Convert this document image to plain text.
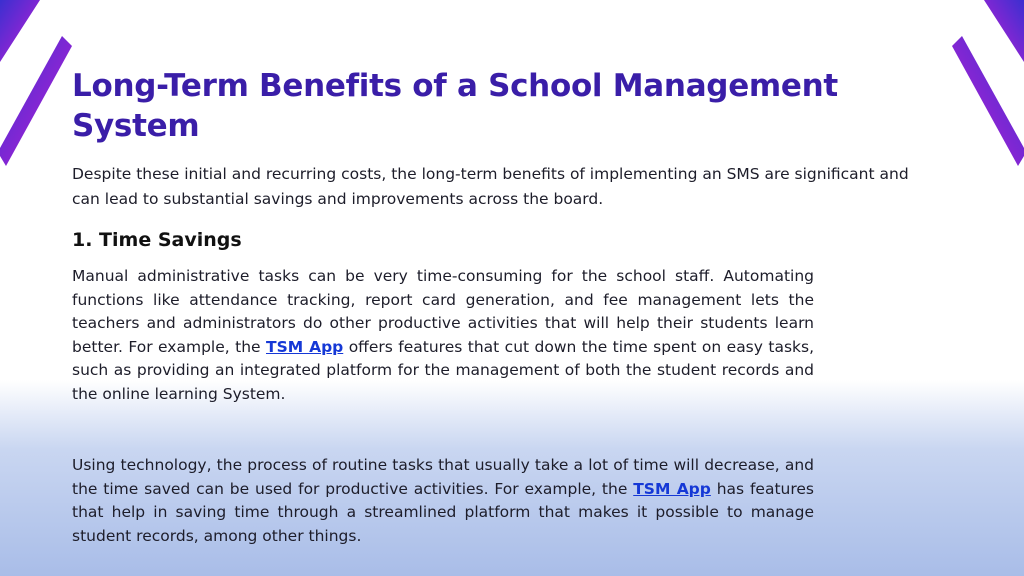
Long-Term Benefits of a School Management System

Despite these initial and recurring costs, the long-term benefits of implementing an SMS are significant and can lead to substantial savings and improvements across the board.

1. Time Savings

Manual administrative tasks can be very time-consuming for the school staff. Automating functions like attendance tracking, report card generation, and fee management lets the teachers and administrators do other productive activities that will help their students learn better. For example, the TSM App offers features that cut down the time spent on easy tasks, such as providing an integrated platform for the management of both the student records and the online learning System.

Using technology, the process of routine tasks that usually take a lot of time will decrease, and the time saved can be used for productive activities. For example, the TSM App has features that help in saving time through a streamlined platform that makes it possible to manage student records, among other things.
